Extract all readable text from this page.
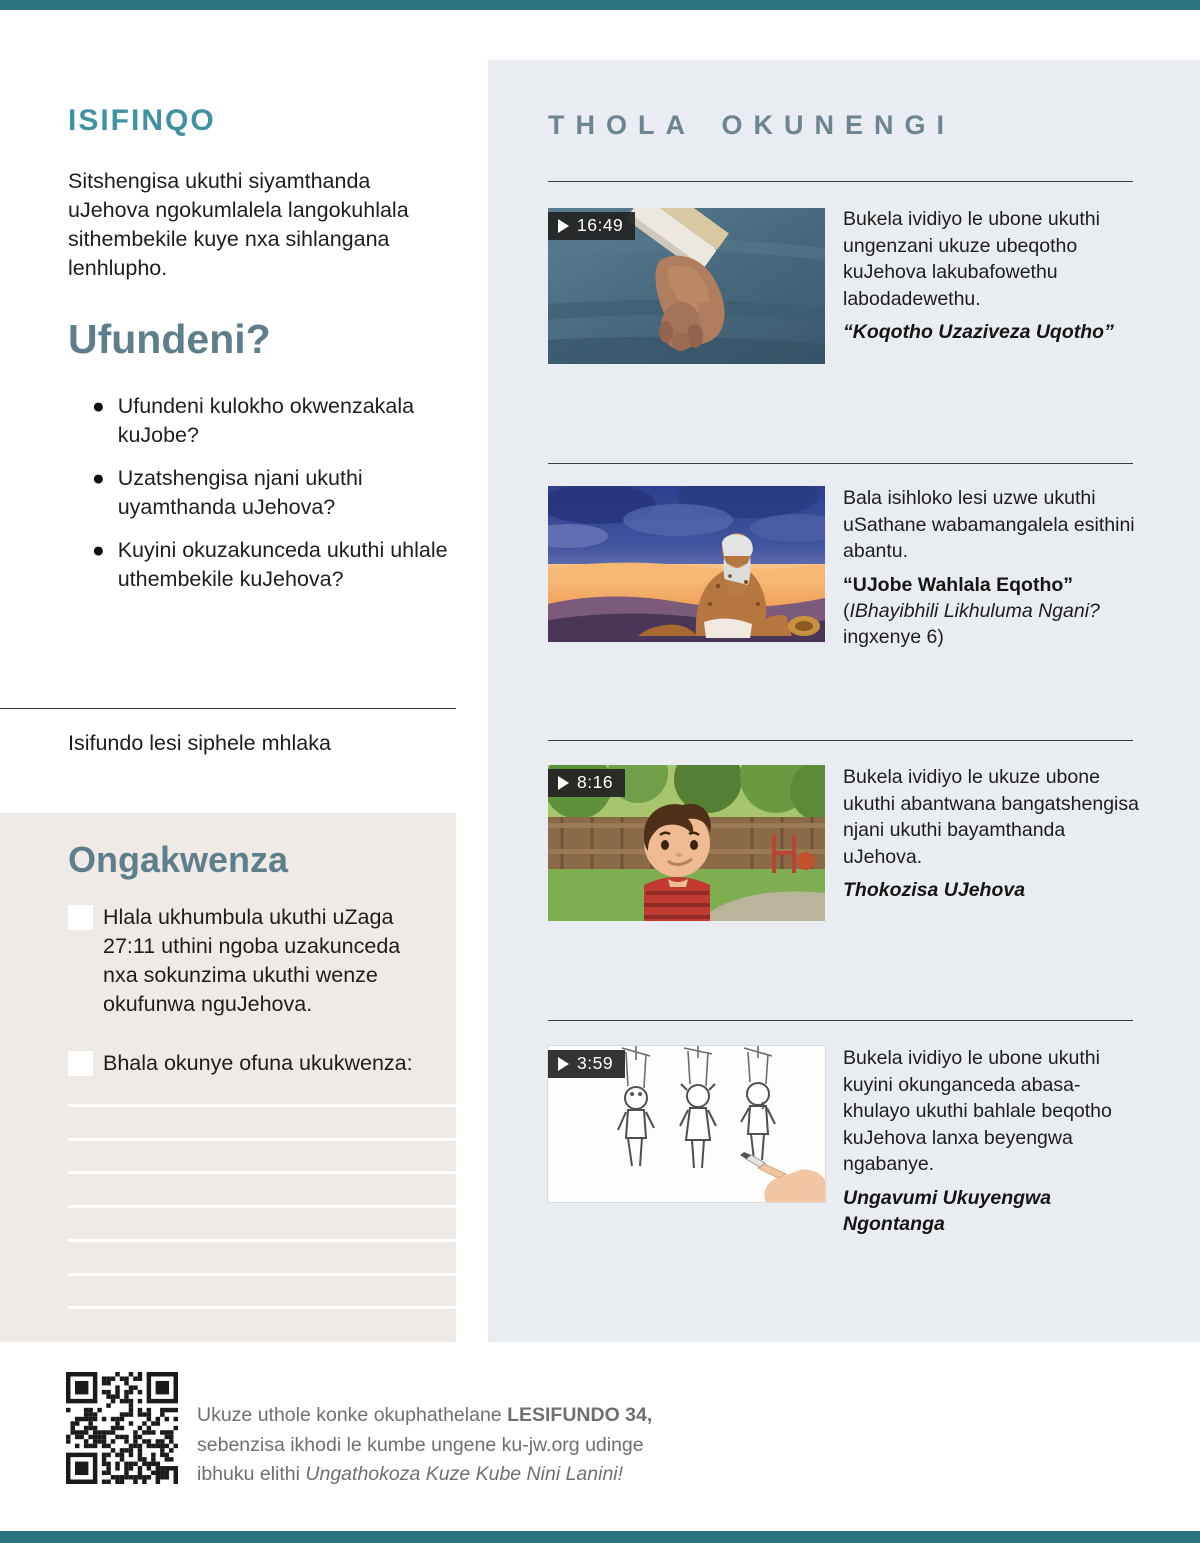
ISIFINQO

Sitshengisa ukuthi siyamthanda uJehova ngokumlalela langokuhlala sithembekile kuye nxa sihlangana lenhlupho.

Ufundeni?
● Ufundeni kulokho okwenzakala kuJobe?
● Uzatshengisa njani ukuthi uyamthanda uJehova?
● Kuyini okuzakunceda ukuthi uhlale uthembekile kuJehova?

Isifundo lesi siphele mhlaka

Ongakwenza
Hlala ukhumbula ukuthi uZaga 27:11 uthini ngoba uzakunceda nxa sokunzima ukuthi wenze okufunwa nguJehova.
Bhala okunye ofuna ukukwenza:
THOLA OKUNENGI
16:49	Bukela ividiyo le ubone ukuthi ungenzani ukuze ubeqotho kuJehova lakubafowethu labodadewethu.

“Koqotho Uzaziveza Uqotho”

Bala isihloko lesi uzwe ukuthi uSathane wabamangalela esithini abantu.

“UJobe Wahlala Eqotho”

(IBhayibhili Likhuluma Ngani? ingxenye 6)

8:16	Bukela ividiyo le ukuze ubone ukuthi abantwana bangatshengisa njani ukuthi bayamthanda uJehova.

Thokozisa UJehova

3:59	Bukela ividiyo le ubone ukuthi kuyini okunganceda abasakhulayo ukuthi bahlale beqotho kuJehova lanxa beyengwa ngabanye.

Ungavumi Ukuyengwa Ngontanga

Ukuze uthole konke okuphathelane LESIFUNDO 34, sebenzisa ikhodi le kumbe ungene ku-jw.org udinge ibhuku elithi Ungathokoza Kuze Kube Nini Lanini!
